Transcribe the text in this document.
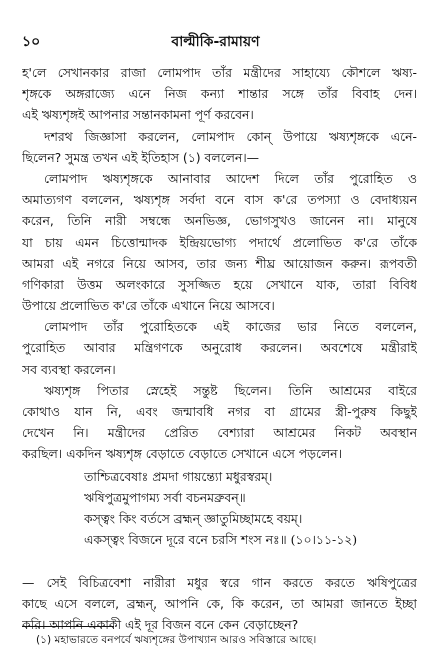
১০	বাল্মীকি-রামায়ণ
হ'লে সেখানকার রাজা লোমপাদ তাঁর মন্ত্রীদের সাহায্যে কৌশলে ঋষ্য-
শৃঙ্গকে অঙ্গরাজ্যে এনে নিজ কন্যা শান্তার সঙ্গে তাঁর বিবাহ দেন।
এই ঋষ্যশৃঙ্গই আপনার সন্তানকামনা পূর্ণ করবেন।
দশরথ জিজ্ঞাসা করলেন, লোমপাদ কোন্ উপায়ে ঋষ্যশৃঙ্গকে এনে-
ছিলেন? সুমন্ত্র তখন এই ইতিহাস (১) বললেন।—
লোমপাদ ঋষ্যশৃঙ্গকে আনাবার আদেশ দিলে তাঁর পুরোহিত ও
অমাত্যগণ বললেন, ঋষ্যশৃঙ্গ সর্বদা বনে বাস ক'রে তপস্যা ও বেদাধ্যয়ন
করেন, তিনি নারী সম্বন্ধে অনভিজ্ঞ, ভোগসুখও জানেন না। মানুষে
যা চায় এমন চিত্তোন্মাদক ইন্দ্রিয়ভোগ্য পদার্থে প্রলোভিত ক'রে তাঁকে
আমরা এই নগরে নিয়ে আসব, তার জন্য শীঘ্র আয়োজন করুন। রূপবতী
গণিকারা উত্তম অলংকারে সুসজ্জিত হয়ে সেখানে যাক, তারা বিবিধ
উপায়ে প্রলোভিত ক'রে তাঁকে এখানে নিয়ে আসবে।
লোমপাদ তাঁর পুরোহিতকে এই কাজের ভার নিতে বললেন,
পুরোহিত আবার মন্ত্রিগণকে অনুরোধ করলেন। অবশেষে মন্ত্রীরাই
সব ব্যবস্থা করলেন।
ঋষ্যশৃঙ্গ পিতার স্নেহেই সন্তুষ্ট ছিলেন। তিনি আশ্রমের বাইরে
কোথাও যান নি, এবং জন্মাবধি নগর বা গ্রামের স্ত্রী-পুরুষ কিছুই
দেখেন নি। মন্ত্রীদের প্রেরিত বেশ্যারা আশ্রমের নিকট অবস্থান
করছিল। একদিন ঋষ্যশৃঙ্গ বেড়াতে বেড়াতে সেখানে এসে পড়লেন।
তাশ্চিত্রবেষাঃ প্রমদা গায়ন্ত্যো মধুরস্বরম্।
ঋষিপুত্রমুপাগম্য সর্বা বচনমব্রুবন্॥
কস্ত্বং কিং বর্তসে ব্রহ্মন্ জ্ঞাতুমিচ্ছামহে বয়ম্।
একস্ত্বং বিজনে দূরে বনে চরসি শংস নঃ॥ (১০।১১-১২)
— সেই বিচিত্রবেশা নারীরা মধুর স্বরে গান করতে করতে ঋষিপুত্রের
কাছে এসে বললে, ব্রহ্মন্, আপনি কে, কি করেন, তা আমরা জানতে ইচ্ছা
করি। আপনি একাকী এই দূর বিজন বনে কেন বেড়াচ্ছেন?
(১) মহাভারতে বনপর্বে ঋষ্যশৃঙ্গের উপাখ্যান আরও সবিস্তারে আছে।
